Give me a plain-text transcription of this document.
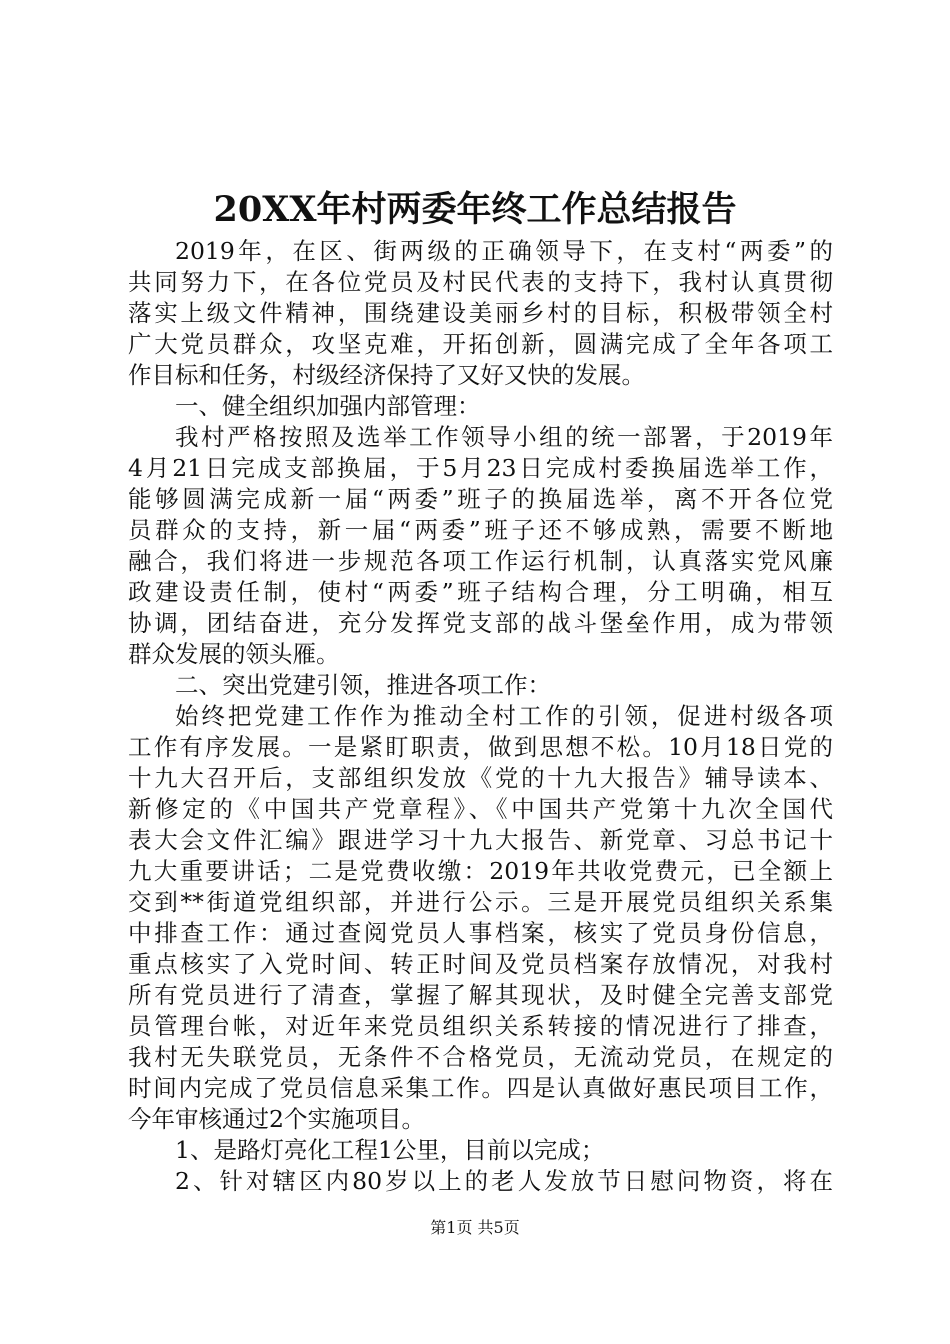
20XX年村两委年终工作总结报告
2019年，在区、街两级的正确领导下，在支村“两委”的
共同努力下，在各位党员及村民代表的支持下，我村认真贯彻
落实上级文件精神，围绕建设美丽乡村的目标，积极带领全村
广大党员群众，攻坚克难，开拓创新，圆满完成了全年各项工
作目标和任务，村级经济保持了又好又快的发展。
一、健全组织加强内部管理：
我村严格按照及选举工作领导小组的统一部署，于2019年
4月21日完成支部换届，于5月23日完成村委换届选举工作，
能够圆满完成新一届“两委”班子的换届选举，离不开各位党
员群众的支持，新一届“两委”班子还不够成熟，需要不断地
融合，我们将进一步规范各项工作运行机制，认真落实党风廉
政建设责任制，使村“两委”班子结构合理，分工明确，相互
协调，团结奋进，充分发挥党支部的战斗堡垒作用，成为带领
群众发展的领头雁。
二、突出党建引领，推进各项工作：
始终把党建工作作为推动全村工作的引领，促进村级各项
工作有序发展。一是紧盯职责，做到思想不松。10月18日党的
十九大召开后，支部组织发放《党的十九大报告》辅导读本、
新修定的《中国共产党章程》、《中国共产党第十九次全国代
表大会文件汇编》跟进学习十九大报告、新党章、习总书记十
九大重要讲话；二是党费收缴：2019年共收党费元，已全额上
交到**街道党组织部，并进行公示。三是开展党员组织关系集
中排查工作：通过查阅党员人事档案，核实了党员身份信息，
重点核实了入党时间、转正时间及党员档案存放情况，对我村
所有党员进行了清查，掌握了解其现状，及时健全完善支部党
员管理台帐，对近年来党员组织关系转接的情况进行了排查，
我村无失联党员，无条件不合格党员，无流动党员，在规定的
时间内完成了党员信息采集工作。四是认真做好惠民项目工作，
今年审核通过2个实施项目。
1、是路灯亮化工程1公里，目前以完成；
2、针对辖区内80岁以上的老人发放节日慰问物资，将在
第1页 共5页
